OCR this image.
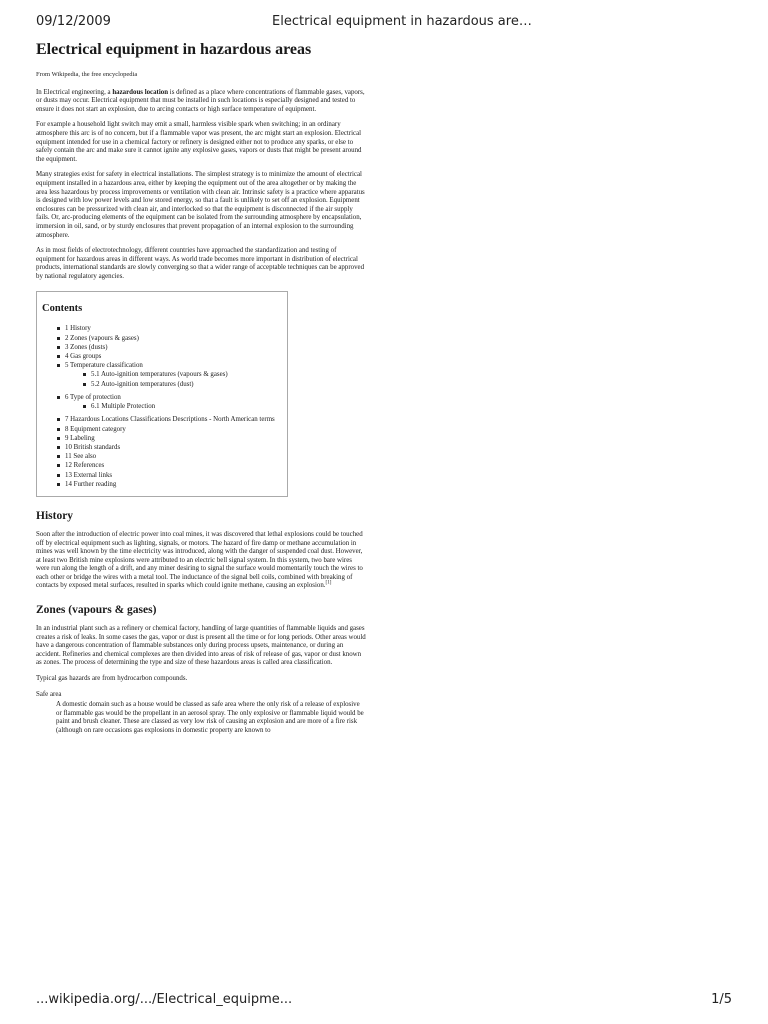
09/12/2009	Electrical equipment in hazardous are…
Electrical equipment in hazardous areas
From Wikipedia, the free encyclopedia

In Electrical engineering, a hazardous location is defined as a place where concentrations of flammable gases, vapors, or dusts may occur. Electrical equipment that must be installed in such locations is especially designed and tested to ensure it does not start an explosion, due to arcing contacts or high surface temperature of equipment.

For example a household light switch may emit a small, harmless visible spark when switching; in an ordinary atmosphere this arc is of no concern, but if a flammable vapor was present, the arc might start an explosion. Electrical equipment intended for use in a chemical factory or refinery is designed either not to produce any sparks, or else to safely contain the arc and make sure it cannot ignite any explosive gases, vapors or dusts that might be present around the equipment.

Many strategies exist for safety in electrical installations. The simplest strategy is to minimize the amount of electrical equipment installed in a hazardous area, either by keeping the equipment out of the area altogether or by making the area less hazardous by process improvements or ventilation with clean air. Intrinsic safety is a practice where apparatus is designed with low power levels and low stored energy, so that a fault is unlikely to set off an explosion. Equipment enclosures can be pressurized with clean air, and interlocked so that the equipment is disconnected if the air supply fails. Or, arc-producing elements of the equipment can be isolated from the surrounding atmosphere by encapsulation, immersion in oil, sand, or by sturdy enclosures that prevent propagation of an internal explosion to the surrounding atmosphere.

As in most fields of electrotechnology, different countries have approached the standardization and testing of equipment for hazardous areas in different ways. As world trade becomes more important in distribution of electrical products, international standards are slowly converging so that a wider range of acceptable techniques can be approved by national regulatory agencies.

Contents
1 History
2 Zones (vapours & gases)
3 Zones (dusts)
4 Gas groups
5 Temperature classification
5.1 Auto-ignition temperatures (vapours & gases)
5.2 Auto-ignition temperatures (dust)
6 Type of protection
6.1 Multiple Protection
7 Hazardous Locations Classifications Descriptions - North American terms
8 Equipment category
9 Labeling
10 British standards
11 See also
12 References
13 External links
14 Further reading
History

Soon after the introduction of electric power into coal mines, it was discovered that lethal explosions could be touched off by electrical equipment such as lighting, signals, or motors. The hazard of fire damp or methane accumulation in mines was well known by the time electricity was introduced, along with the danger of suspended coal dust. However, at least two British mine explosions were attributed to an electric bell signal system. In this system, two bare wires were run along the length of a drift, and any miner desiring to signal the surface would momentarily touch the wires to each other or bridge the wires with a metal tool. The inductance of the signal bell coils, combined with breaking of contacts by exposed metal surfaces, resulted in sparks which could ignite methane, causing an explosion.[1]

Zones (vapours & gases)

In an industrial plant such as a refinery or chemical factory, handling of large quantities of flammable liquids and gases creates a risk of leaks. In some cases the gas, vapor or dust is present all the time or for long periods. Other areas would have a dangerous concentration of flammable substances only during process upsets, maintenance, or during an accident. Refineries and chemical complexes are then divided into areas of risk of release of gas, vapor or dust known as zones. The process of determining the type and size of these hazardous areas is called area classification.

Typical gas hazards are from hydrocarbon compounds.

Safe area
A domestic domain such as a house would be classed as safe area where the only risk of a release of explosive or flammable gas would be the propellant in an aerosol spray. The only explosive or flammable liquid would be paint and brush cleaner. These are classed as very low risk of causing an explosion and are more of a fire risk (although on rare occasions gas explosions in domestic property are known to
...wikipedia.org/.../Electrical_equipme...	1/5
